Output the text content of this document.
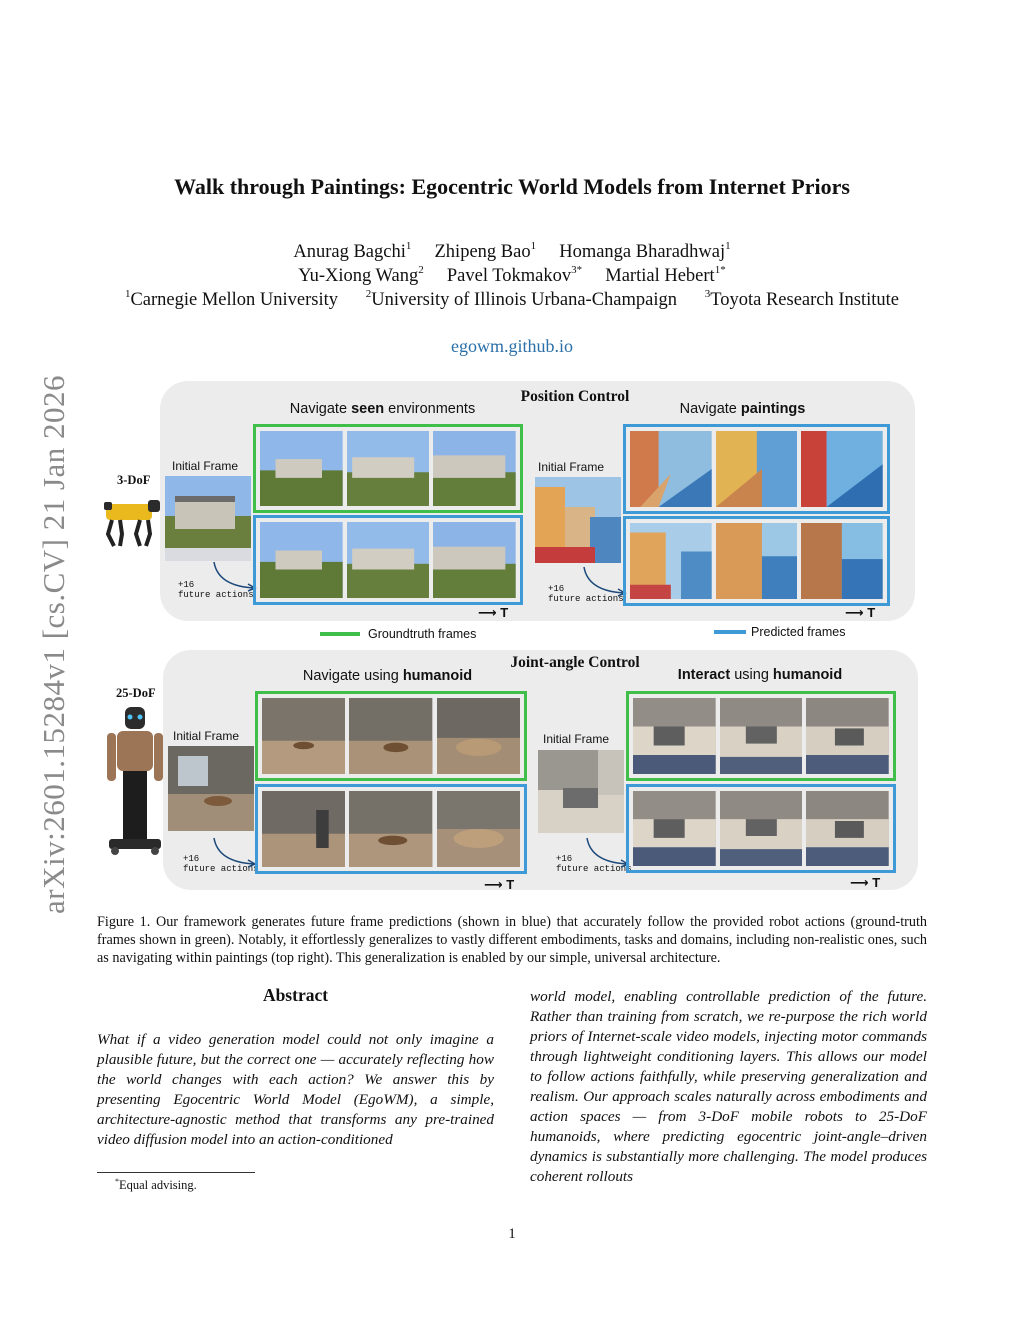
Walk through Paintings: Egocentric World Models from Internet Priors
Anurag Bagchi$^1$ Zhipeng Bao$^1$ Homanga Bharadhwaj$^1$
Yu-Xiong Wang$^2$ Pavel Tokmakov$^{3*}$ Martial Hebert$^{1*}$
$^1$Carnegie Mellon University	$^2$University of Illinois Urbana-Champaign	$^3$Toyota Research Institute
egowm.github.io
arXiv:2601.15284v1 [cs.CV] 21 Jan 2026	Position Control
Navigate seen environments	Navigate paintings
3-DoF
Initial Frame
+16
future actions
⟶ T
Initial Frame
+16
future actions
⟶ T
Groundtruth frames	Predicted frames
Joint-angle Control
Navigate using humanoid	Interact using humanoid
25-DoF
Initial Frame
+16
future actions
⟶ T
Initial Frame
+16
future actions
⟶ T
Figure 1. Our framework generates future frame predictions (shown in blue) that accurately follow the provided robot actions (ground-truth frames shown in green). Notably, it effortlessly generalizes to vastly different embodiments, tasks and domains, including non-realistic ones, such as navigating within paintings (top right). This generalization is enabled by our simple, universal architecture.
Abstract
What if a video generation model could not only imagine a plausible future, but the correct one — accurately reflecting how the world changes with each action? We answer this by presenting Egocentric World Model (EgoWM), a simple, architecture-agnostic method that transforms any pre-trained video diffusion model into an action-conditioned
world model, enabling controllable prediction of the future. Rather than training from scratch, we re-purpose the rich world priors of Internet-scale video models, injecting motor commands through lightweight conditioning layers. This allows our model to follow actions faithfully, while preserving generalization and realism. Our approach scales naturally across embodiments and action spaces — from 3-DoF mobile robots to 25-DoF humanoids, where predicting egocentric joint-angle–driven dynamics is substantially more challenging. The model produces coherent rollouts
*Equal advising.
1
